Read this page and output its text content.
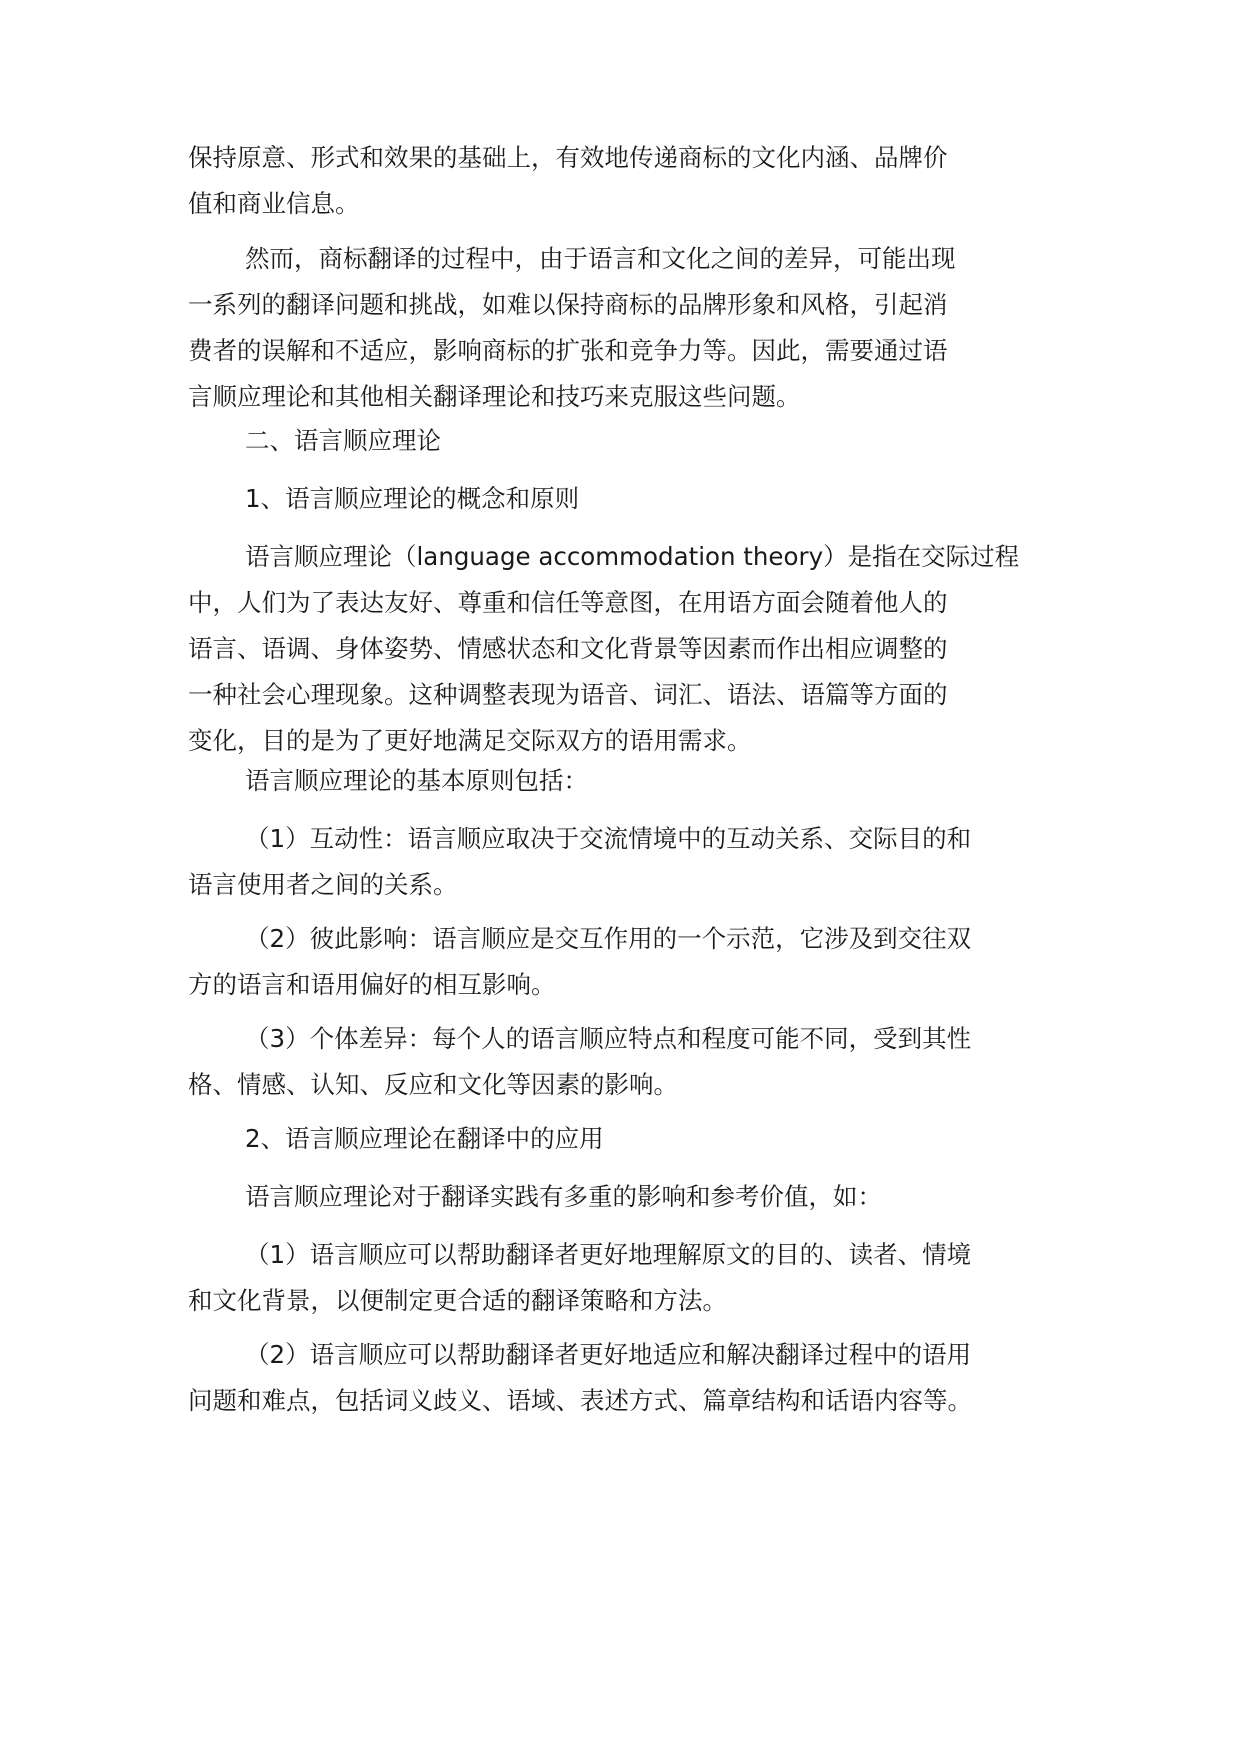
保持原意、形式和效果的基础上，有效地传递商标的文化内涵、品牌价
值和商业信息。
然而，商标翻译的过程中，由于语言和文化之间的差异，可能出现
一系列的翻译问题和挑战，如难以保持商标的品牌形象和风格，引起消
费者的误解和不适应，影响商标的扩张和竞争力等。因此，需要通过语
言顺应理论和其他相关翻译理论和技巧来克服这些问题。
二、语言顺应理论
1、语言顺应理论的概念和原则
语言顺应理论（language accommodation theory）是指在交际过程
中，人们为了表达友好、尊重和信任等意图，在用语方面会随着他人的
语言、语调、身体姿势、情感状态和文化背景等因素而作出相应调整的
一种社会心理现象。这种调整表现为语音、词汇、语法、语篇等方面的
变化，目的是为了更好地满足交际双方的语用需求。
语言顺应理论的基本原则包括：
（1）互动性：语言顺应取决于交流情境中的互动关系、交际目的和
语言使用者之间的关系。
（2）彼此影响：语言顺应是交互作用的一个示范，它涉及到交往双
方的语言和语用偏好的相互影响。
（3）个体差异：每个人的语言顺应特点和程度可能不同，受到其性
格、情感、认知、反应和文化等因素的影响。
2、语言顺应理论在翻译中的应用
语言顺应理论对于翻译实践有多重的影响和参考价值，如：
（1）语言顺应可以帮助翻译者更好地理解原文的目的、读者、情境
和文化背景，以便制定更合适的翻译策略和方法。
（2）语言顺应可以帮助翻译者更好地适应和解决翻译过程中的语用
问题和难点，包括词义歧义、语域、表述方式、篇章结构和话语内容等。
